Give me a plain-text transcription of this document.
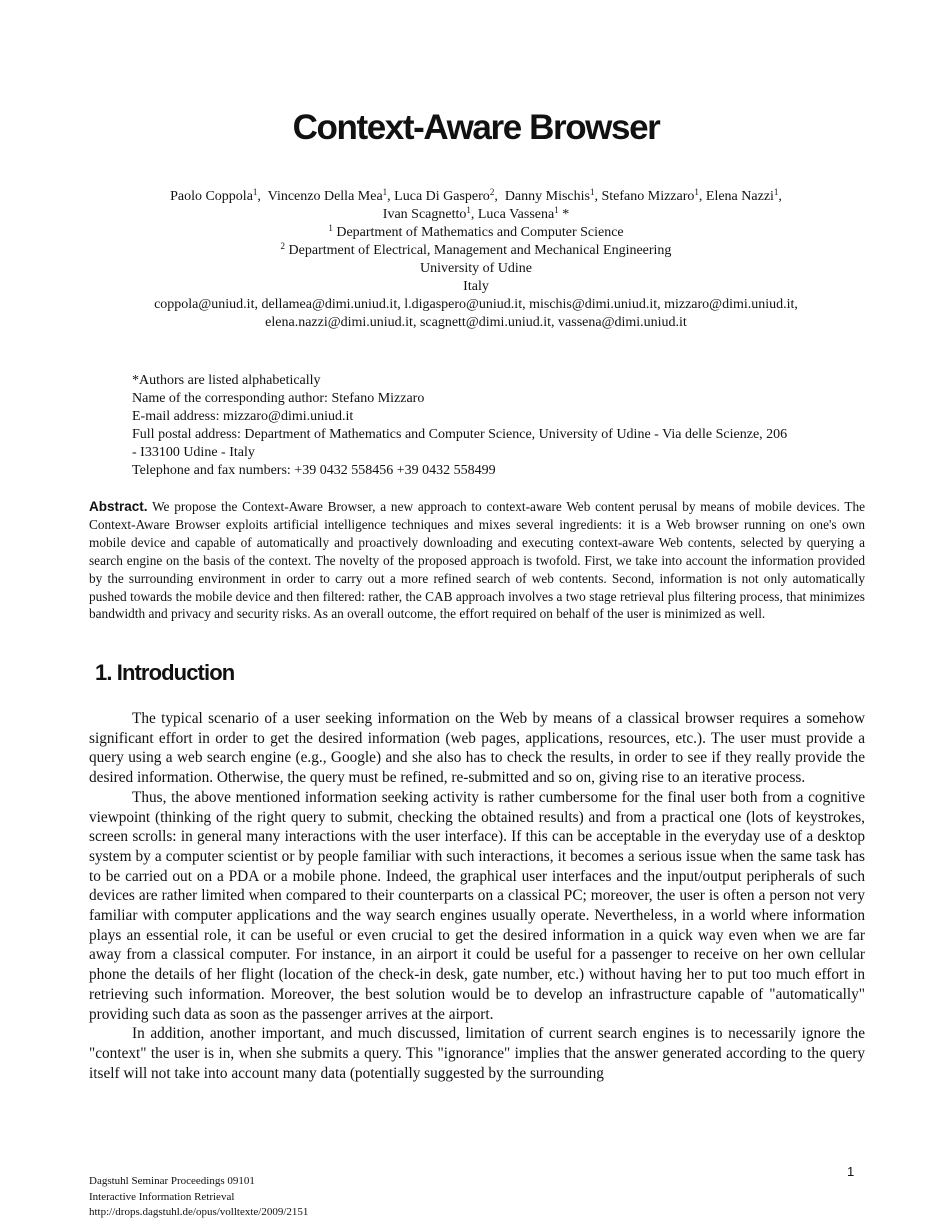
Context-Aware Browser
Paolo Coppola$^1$,  Vincenzo Della Mea$^1$, Luca Di Gaspero$^2$,  Danny Mischis$^1$, Stefano Mizzaro$^1$, Elena Nazzi$^1$,
Ivan Scagnetto$^1$, Luca Vassena$^1$ *
$^1$ Department of Mathematics and Computer Science
$^2$ Department of Electrical, Management and Mechanical Engineering
University of Udine
Italy
coppola@uniud.it, dellamea@dimi.uniud.it, l.digaspero@uniud.it, mischis@dimi.uniud.it, mizzaro@dimi.uniud.it,
elena.nazzi@dimi.uniud.it, scagnett@dimi.uniud.it, vassena@dimi.uniud.it
*Authors are listed alphabetically
Name of the corresponding author: Stefano Mizzaro
E-mail address: mizzaro@dimi.uniud.it
Full postal address: Department of Mathematics and Computer Science, University of Udine - Via delle Scienze, 206
- I33100 Udine - Italy
Telephone and fax numbers: +39 0432 558456 +39 0432 558499
Abstract. We propose the Context-Aware Browser, a new approach to context-aware Web content perusal by means of mobile devices. The Context-Aware Browser exploits artificial intelligence techniques and mixes several ingredients: it is a Web browser running on one's own mobile device and capable of automatically and proactively downloading and executing context-aware Web contents, selected by querying a search engine on the basis of the context. The novelty of the proposed approach is twofold. First, we take into account the information provided by the surrounding environment in order to carry out a more refined search of web contents. Second, information is not only automatically pushed towards the mobile device and then filtered: rather, the CAB approach involves a two stage retrieval plus filtering process, that minimizes bandwidth and privacy and security risks. As an overall outcome, the effort required on behalf of the user is minimized as well.
1. Introduction

The typical scenario of a user seeking information on the Web by means of a classical browser requires a somehow significant effort in order to get the desired information (web pages, applications, resources, etc.). The user must provide a query using a web search engine (e.g., Google) and she also has to check the results, in order to see if they really provide the desired information. Otherwise, the query must be refined, re-submitted and so on, giving rise to an iterative process.

Thus, the above mentioned information seeking activity is rather cumbersome for the final user both from a cognitive viewpoint (thinking of the right query to submit, checking the obtained results) and from a practical one (lots of keystrokes, screen scrolls: in general many interactions with the user interface). If this can be acceptable in the everyday use of a desktop system by a computer scientist or by people familiar with such interactions, it becomes a serious issue when the same task has to be carried out on a PDA or a mobile phone. Indeed, the graphical user interfaces and the input/output peripherals of such devices are rather limited when compared to their counterparts on a classical PC; moreover, the user is often a person not very familiar with computer applications and the way search engines usually operate. Nevertheless, in a world where information plays an essential role, it can be useful or even crucial to get the desired information in a quick way even when we are far away from a classical computer. For instance, in an airport it could be useful for a passenger to receive on her own cellular phone the details of her flight (location of the check-in desk, gate number, etc.) without having her to put too much effort in retrieving such information. Moreover, the best solution would be to develop an infrastructure capable of "automatically" providing such data as soon as the passenger arrives at the airport.

In addition, another important, and much discussed, limitation of current search engines is to necessarily ignore the "context" the user is in, when she submits a query. This "ignorance" implies that the answer generated according to the query itself will not take into account many data (potentially suggested by the surrounding

1
Dagstuhl Seminar Proceedings 09101
Interactive Information Retrieval
http://drops.dagstuhl.de/opus/volltexte/2009/2151
